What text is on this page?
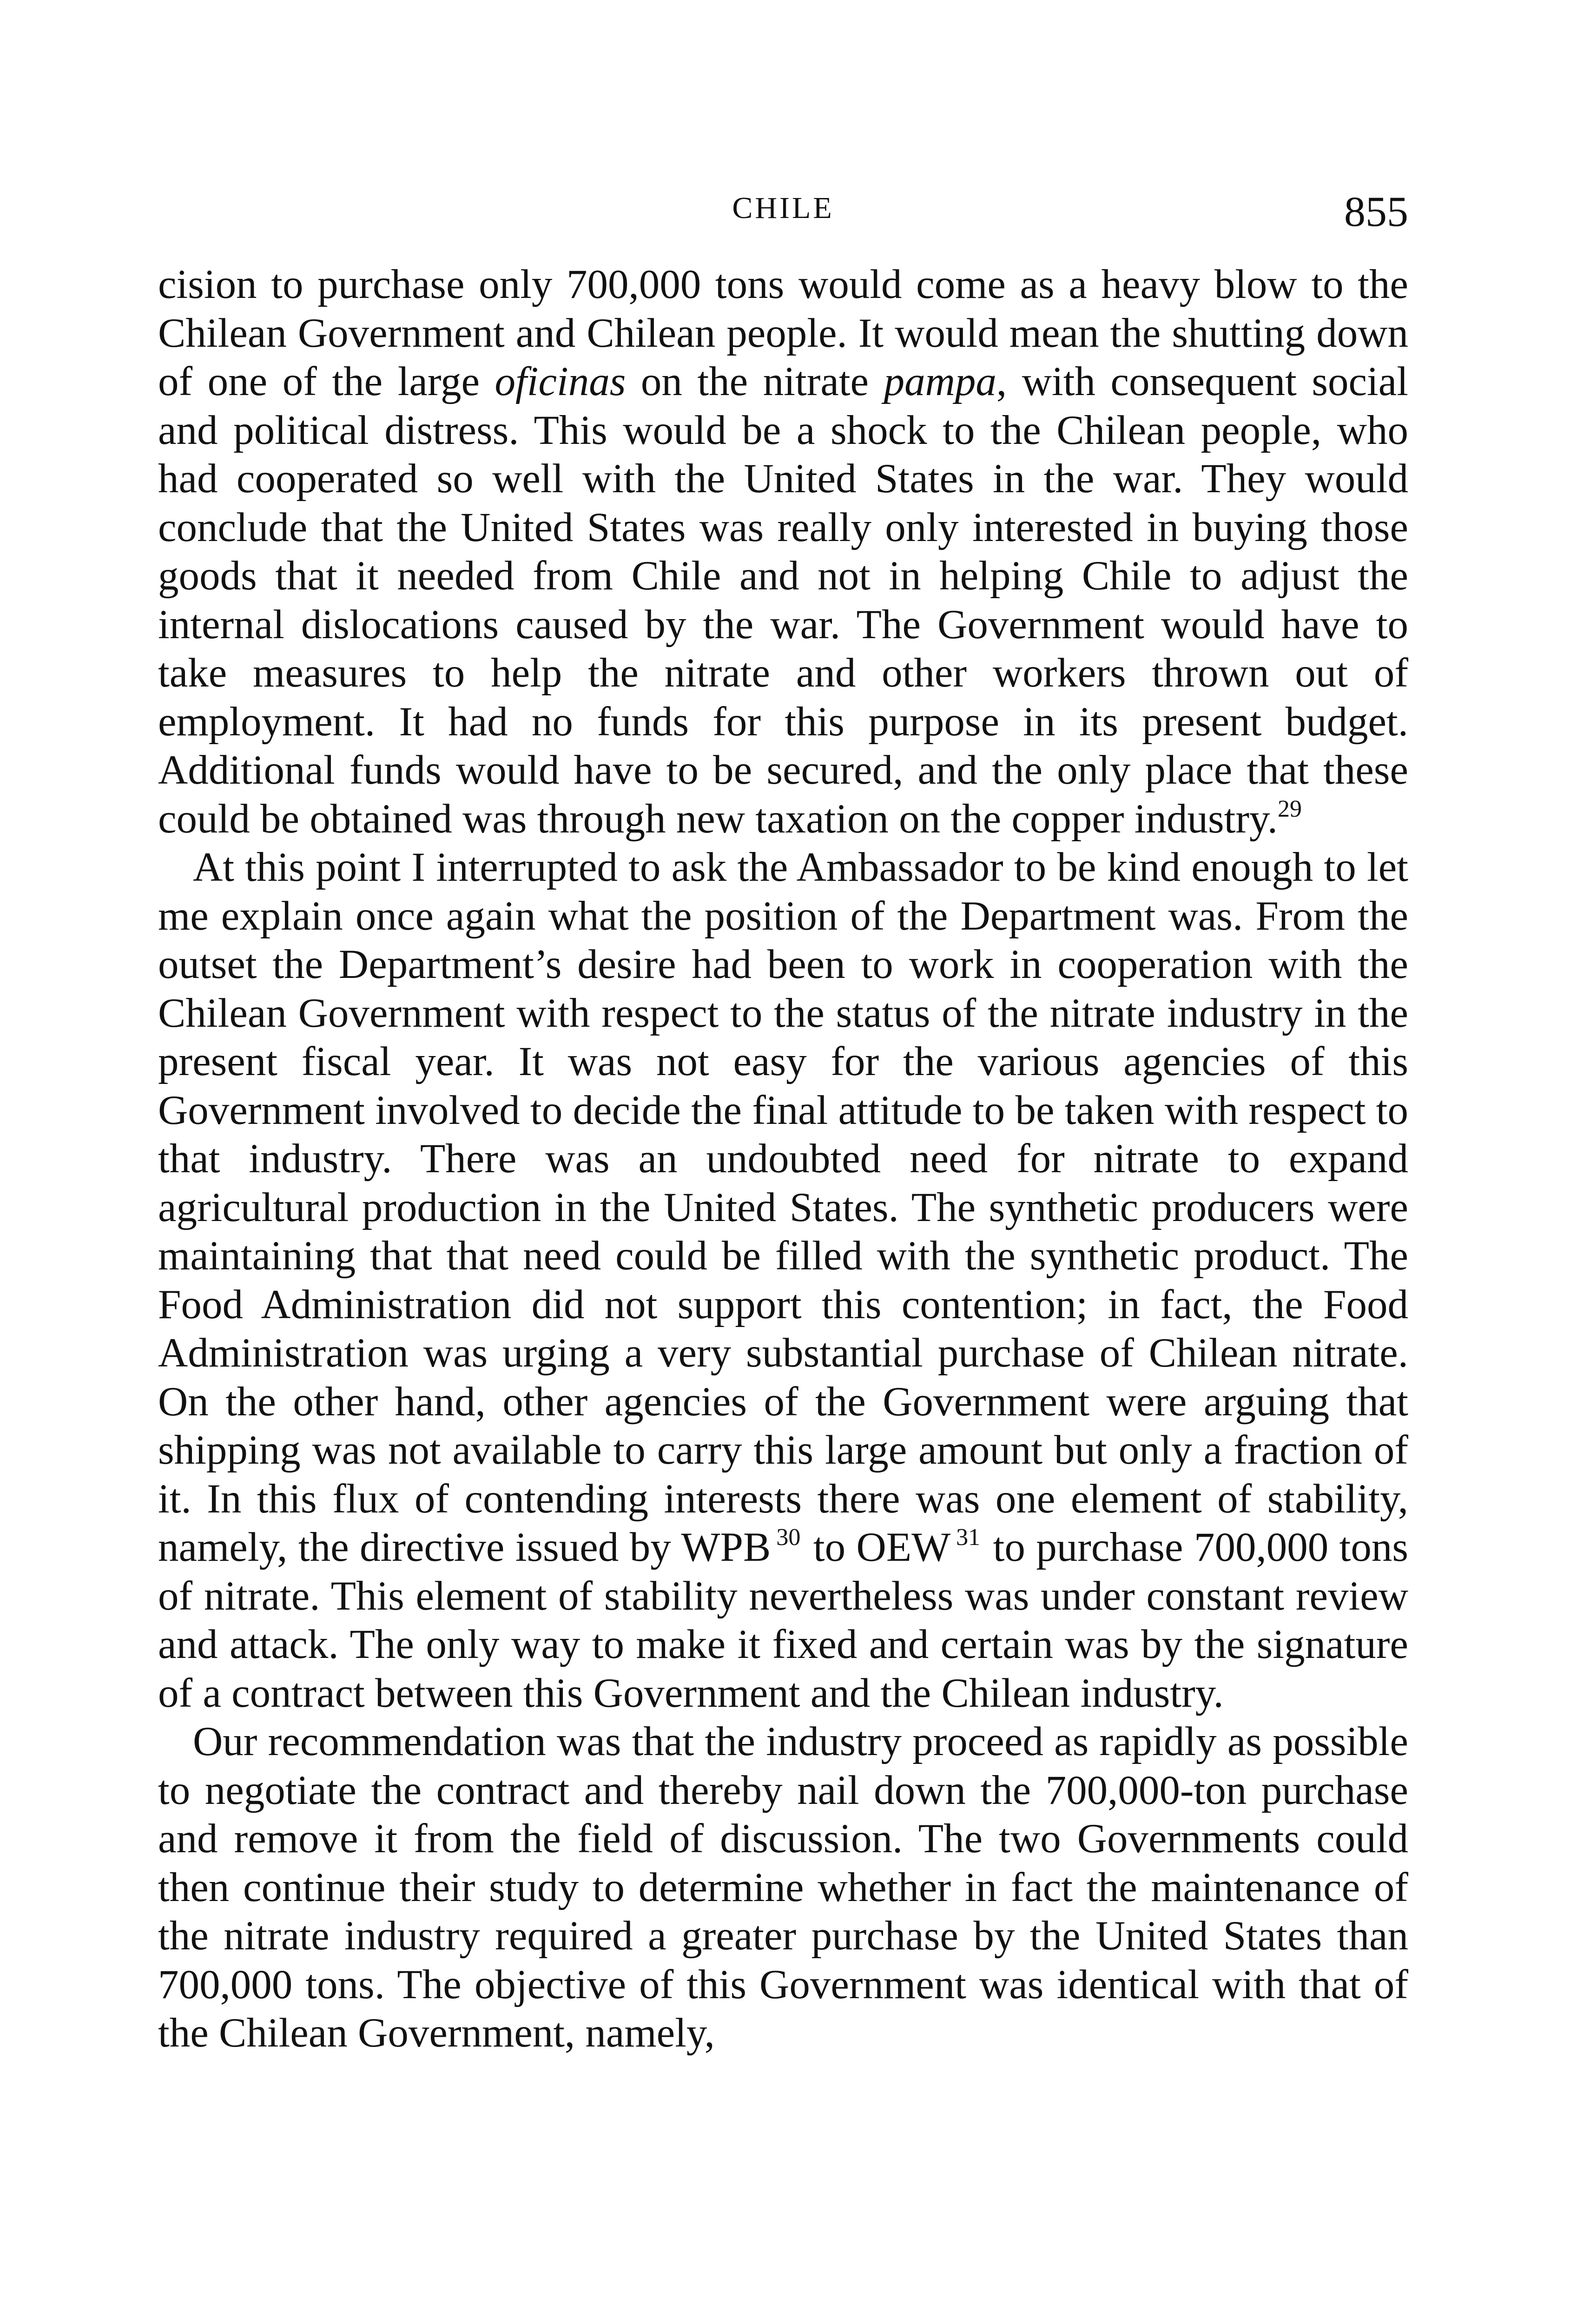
CHILE	855

cision to purchase only 700,000 tons would come as a heavy blow to the Chilean Government and Chilean people. It would mean the shutting down of one of the large oficinas on the nitrate pampa, with consequent social and political distress. This would be a shock to the Chilean people, who had cooperated so well with the United States in the war. They would conclude that the United States was really only interested in buying those goods that it needed from Chile and not in helping Chile to adjust the internal dislocations caused by the war. The Government would have to take measures to help the nitrate and other workers thrown out of employment. It had no funds for this purpose in its present budget. Additional funds would have to be secured, and the only place that these could be obtained was through new taxation on the copper industry.$^{29}$

At this point I interrupted to ask the Ambassador to be kind enough to let me explain once again what the position of the Department was. From the outset the Department’s desire had been to work in cooperation with the Chilean Government with respect to the status of the nitrate industry in the present fiscal year. It was not easy for the various agencies of this Government involved to decide the final attitude to be taken with respect to that industry. There was an undoubted need for nitrate to expand agricultural production in the United States. The synthetic producers were maintaining that that need could be filled with the synthetic product. The Food Administration did not support this contention; in fact, the Food Administration was urging a very substantial purchase of Chilean nitrate. On the other hand, other agencies of the Government were arguing that shipping was not available to carry this large amount but only a fraction of it. In this flux of contending interests there was one element of stability, namely, the directive issued by WPB $^{30}$ to OEW $^{31}$ to purchase 700,000 tons of nitrate. This element of stability nevertheless was under constant review and attack. The only way to make it fixed and certain was by the signature of a contract between this Government and the Chilean industry.

Our recommendation was that the industry proceed as rapidly as possible to negotiate the contract and thereby nail down the 700,000-ton purchase and remove it from the field of discussion. The two Governments could then continue their study to determine whether in fact the maintenance of the nitrate industry required a greater purchase by the United States than 700,000 tons. The objective of this Government was identical with that of the Chilean Government, namely,
